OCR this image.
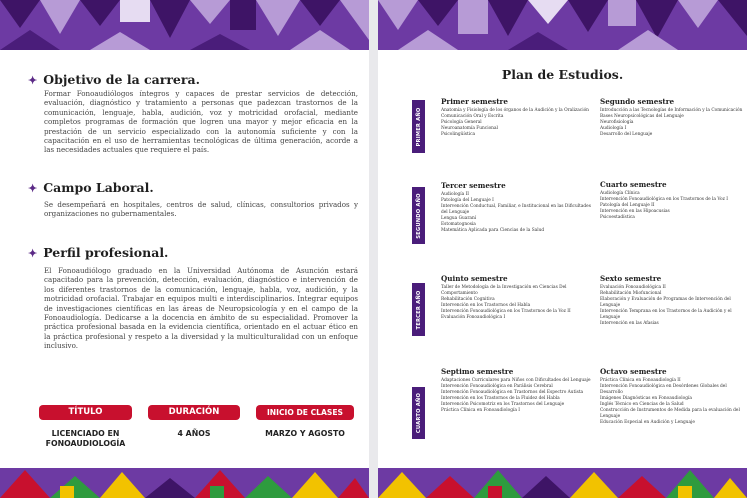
✦ Objetivo de la carrera.
Formar Fonoaudiólogos íntegros y capaces de prestar servicios de detección, evaluación, diagnóstico y tratamiento a personas que padezcan trastornos de la comunicación, lenguaje, habla, audición, voz y motricidad orofacial, mediante completos programas de formación que logren una mayor y mejor eficacia en la prestación de un servicio especializado con la autonomía suficiente y con la capacitación en el uso de herramientas tecnológicas de última generación, acorde a las necesidades actuales que requiere el país.
✦ Campo Laboral.
Se desempeñará en hospitales, centros de salud, clínicas, consultorios privados y organizaciones no gubernamentales.
✦ Perfil profesional.
El Fonoaudiólogo graduado en la Universidad Autónoma de Asunción estará capacitado para la prevención, detección, evaluación, diagnóstico e intervención de los diferentes trastornos de la comunicación, lenguaje, habla, voz, audición, y la motricidad orofacial. Trabajar en equipos multi e interdisciplinarios. Integrar equipos de investigaciones científicas en las áreas de Neuropsicología y en el campo de la Fonoaudiología. Dedicarse a la docencia en ámbito de su especialidad. Promover la práctica profesional basada en la evidencia científica, orientado en el actuar ético en la práctica profesional y respeto a la diversidad y la multiculturalidad con un enfoque inclusivo.
TÍTULO
LICENCIADO EN FONOAUDIOLOGÍA
DURACIÓN
4 AÑOS
INICIO DE CLASES
MARZO Y AGOSTO
Plan de Estudios.
PRIMER AÑO
Primer semestre
Anatomía y Fisiología de los órganos de la Audición y la Oralización
Comunicación Oral y Escrita
Psicología General
Neuroanatomía Funcional
Psicolingüística
Segundo semestre
Introducción a las Tecnologías de Información y la Comunicación
Bases Neuropsicológicas del Lenguaje
Neurofisiología
Audiología I
Desarrollo del Lenguaje
SEGUNDO AÑO
Tercer semestre
Audiología II
Patología del Lenguaje I
Intervención Conductual, Familiar, e Institucional en las Dificultades del Lenguaje
Lengua Guaraní
Estomatognosia
Matemática Aplicada para Ciencias de la Salud
Cuarto semestre
Audiología Clínica
Intervención Fonoaudiológica en los Trastornos de la Voz I
Patología del Lenguaje II
Intervención en las Hipoacusias
Psicoestadística
TERCER AÑO
Quinto semestre
Taller de Metodología de la Investigación en Ciencias Del Comportamiento
Rehabilitación Cognitiva
Intervención en los Trastornos del Habla
Intervención Fonoaudiológica en los Trastornos de la Voz II
Evaluación Fonoaudiológica I
Sexto semestre
Evaluación Fonoaudiológica II
Rehabilitación Miofuncional
Elaboración y Evaluación de Programas de Intervención del Lenguaje
Intervención Temprana en los Trastornos de la Audición y el Lenguaje
Intervención en las Afasias
CUARTO AÑO
Septimo semestre
Adaptaciones Curriculares para Niños con Dificultades del Lenguaje
Intervención Fonoaudiológica en Parálisis Cerebral
Intervención Fonoaudiológica en Trastornos del Espectro Autista
Intervención en los Trastornos de la Fluidez del Habla
Intervención Psicomotriz en los Trastornos del Lenguaje
Práctica Clínica en Fonoaudiología I
Octavo semestre
Práctica Clínica en Fonoaudiología II
Intervención Fonoaudiológica en Desórdenes Globales del Desarrollo
Imágenes Diagnósticas en Fonoaudiología
Inglés Técnico en Ciencias de la Salud
Construcción de Instrumentos de Medida para la evaluación del Lenguaje
Educación Especial en Audición y Lenguaje
